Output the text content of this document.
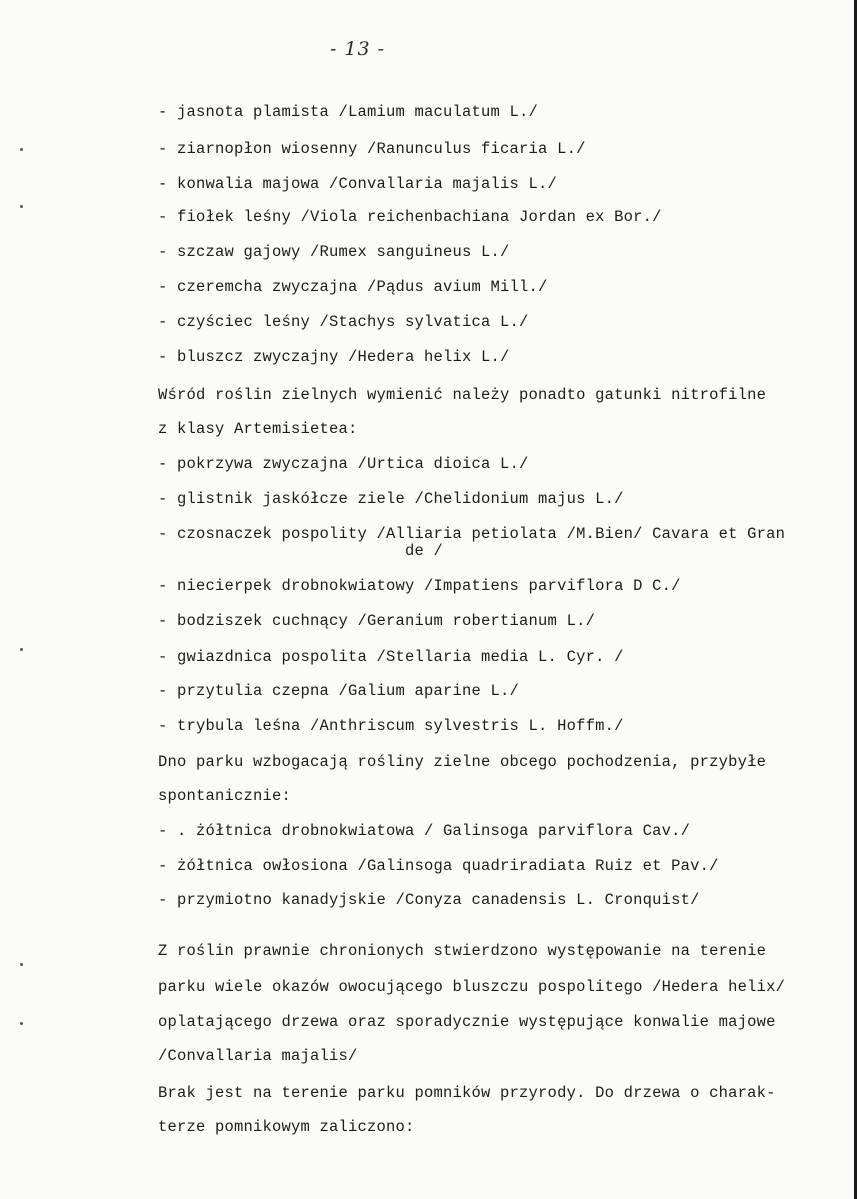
- 13 -
- jasnota plamista /Lamium maculatum L./
- ziarnopłon wiosenny /Ranunculus ficaria L./
- konwalia majowa /Convallaria majalis L./
- fiołek leśny /Viola reichenbachiana Jordan ex Bor./
- szczaw gajowy /Rumex sanguineus L./
- czeremcha zwyczajna /Pądus avium Mill./
- czyściec leśny /Stachys sylvatica L./
- bluszcz zwyczajny /Hedera helix L./
Wśród roślin zielnych wymienić należy ponadto gatunki nitrofilne
z klasy Artemisietea:
- pokrzywa zwyczajna /Urtica dioica L./
- glistnik jaskółcze ziele /Chelidonium majus L./
- czosnaczek pospolity /Alliaria petiolata /M.Bien/ Cavara et Gran
de /
- niecierpek drobnokwiatowy /Impatiens parviflora D C./
- bodziszek cuchnący /Geranium robertianum L./
- gwiazdnica pospolita /Stellaria media L. Cyr. /
- przytulia czepna /Galium aparine L./
- trybula leśna /Anthriscum sylvestris L. Hoffm./
Dno parku wzbogacają rośliny zielne obcego pochodzenia, przybyłe
spontanicznie:
- . żółtnica drobnokwiatowa / Galinsoga parviflora Cav./
- żółtnica owłosiona /Galinsoga quadriradiata Ruiz et Pav./
- przymiotno kanadyjskie /Conyza canadensis L. Cronquist/
Z roślin prawnie chronionych stwierdzono występowanie na terenie
parku wiele okazów owocującego bluszczu pospolitego /Hedera helix/
oplatającego drzewa oraz sporadycznie występujące konwalie majowe
/Convallaria majalis/
Brak jest na terenie parku pomników przyrody. Do drzewa o charak-
terze pomnikowym zaliczono:
